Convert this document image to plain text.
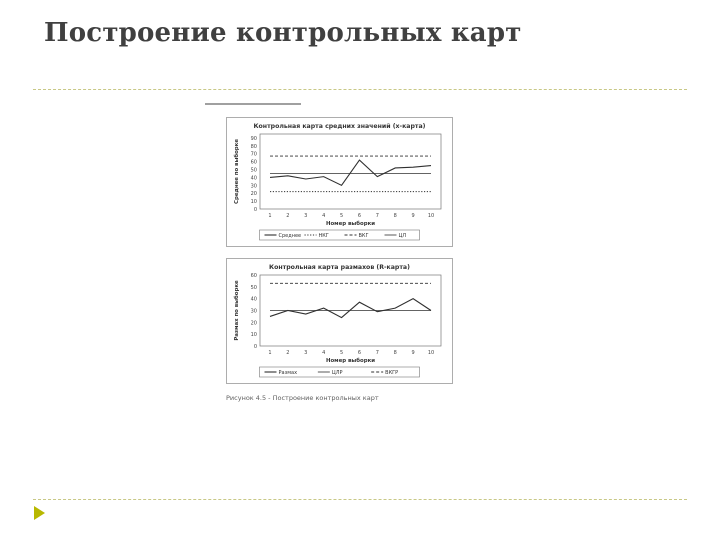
Построение контрольных карт
Контрольная карта средних значений (x-карта)
0
10
20
30
40
50
60
70
80
90
1	2	3	4	5	6	7	8	9	10
Номер выборки
Среднее по выборке
Среднее	НКГ	ВКГ	ЦЛ
Контрольная карта размахов (R-карта)
0
10
20
30
40
50
60
1	2	3	4	5	6	7	8	9	10
Номер выборки
Размах по выборке
Размах	ЦЛР	ВКГР
Рисунок 4.5 - Построение контрольных карт
